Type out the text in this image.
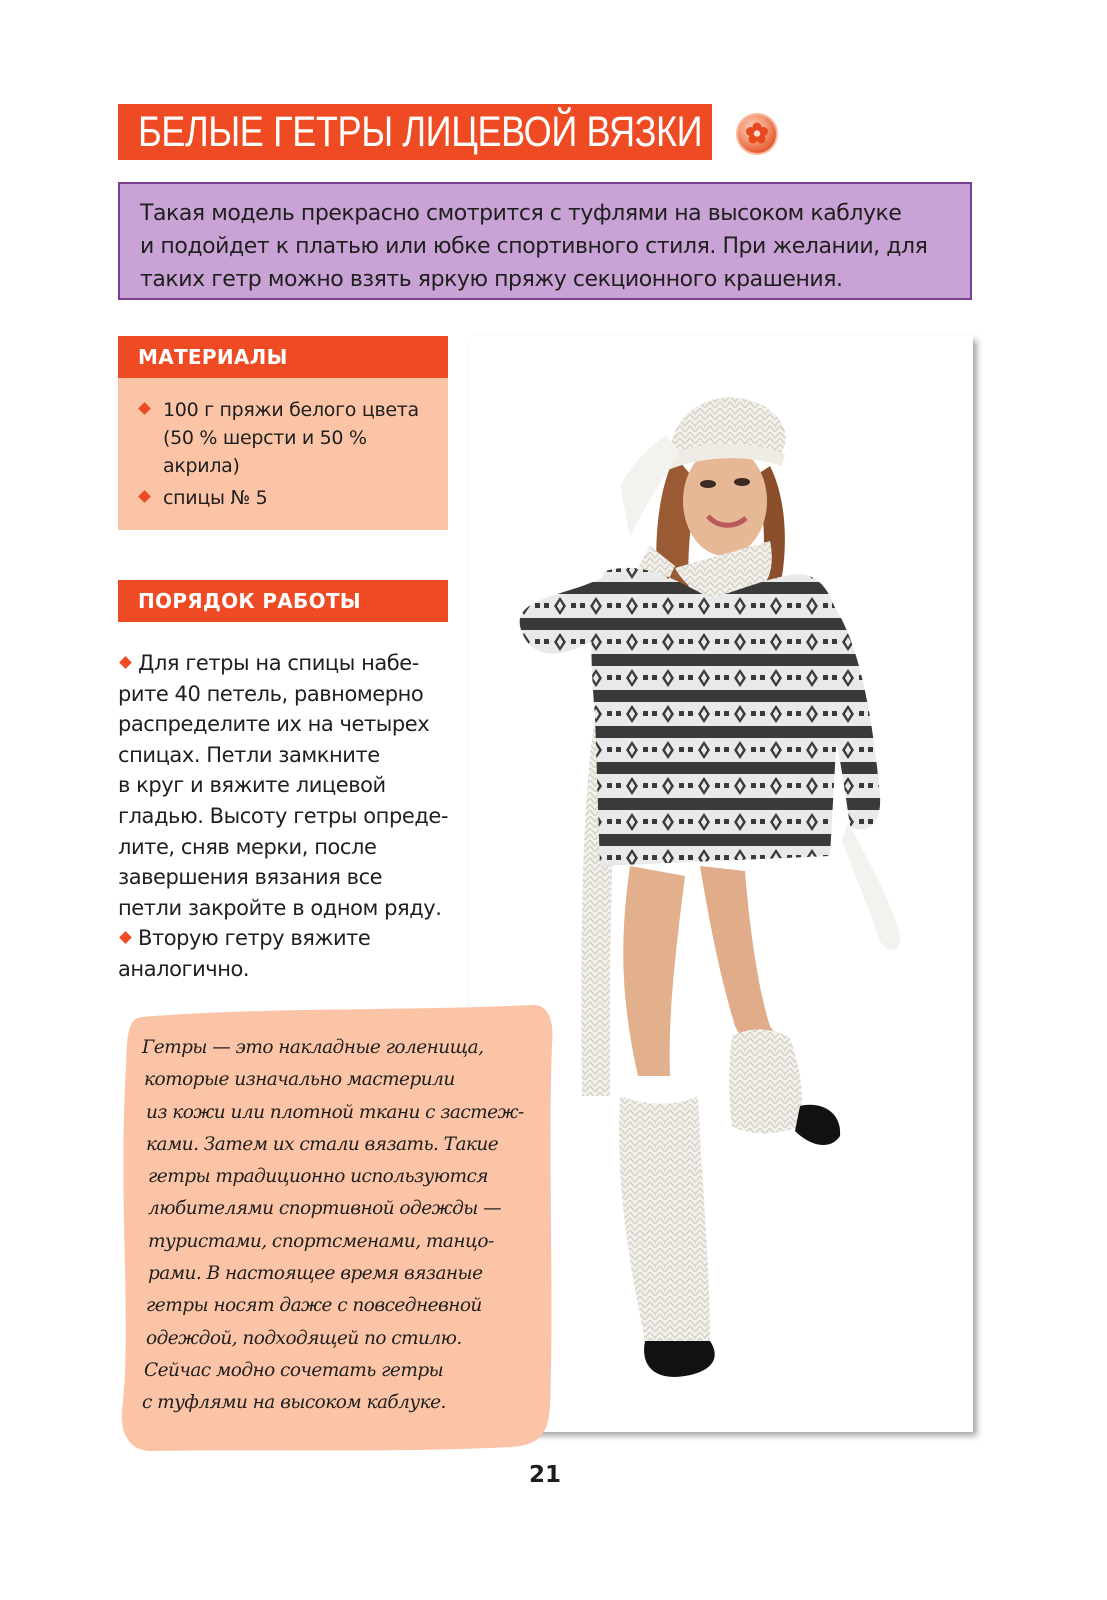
БЕЛЫЕ ГЕТРЫ ЛИЦЕВОЙ ВЯЗКИ
Такая модель прекрасно смотрится с туфлями на высоком каблуке
и подойдет к платью или юбке спортивного стиля. При желании, для
таких гетр можно взять яркую пряжу секционного крашения.
МАТЕРИАЛЫ
100 г пряжи белого цвета
(50 % шерсти и 50 %
акрила)
спицы № 5
ПОРЯДОК РАБОТЫ
Для гетры на спицы набе-
рите 40 петель, равномерно
распределите их на четырех
спицах. Петли замкните
в круг и вяжите лицевой
гладью. Высоту гетры опреде-
лите, сняв мерки, после
завершения вязания все
петли закройте в одном ряду.
Вторую гетру вяжите
аналогично.
Гетры — это накладные голенища,
которые изначально мастерили
из кожи или плотной ткани с застеж-
ками. Затем их стали вязать. Такие
гетры традиционно используются
любителями спортивной одежды —
туристами, спортсменами, танцо-
рами. В настоящее время вязаные
гетры носят даже с повседневной
одеждой, подходящей по стилю.
Сейчас модно сочетать гетры
с туфлями на высоком каблуке.
21
